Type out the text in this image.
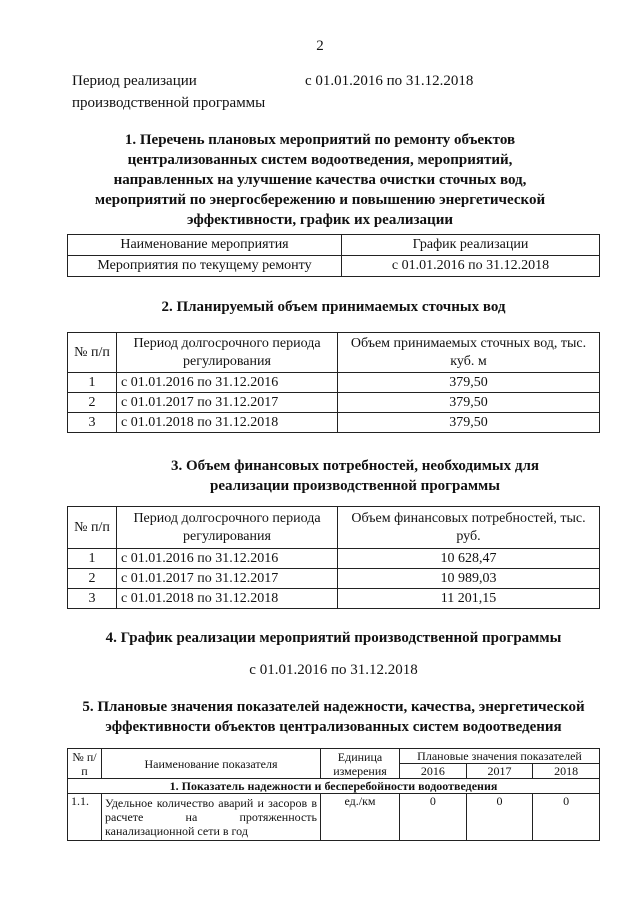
2
Период реализации производственной программы
с 01.01.2016 по 31.12.2018
1. Перечень плановых мероприятий по ремонту объектов централизованных систем водоотведения, мероприятий, направленных на улучшение качества очистки сточных вод, мероприятий по энергосбережению и повышению энергетической эффективности, график их реализации
Наименование мероприятия	График реализации
Мероприятия по текущему ремонту	с 01.01.2016 по 31.12.2018
2. Планируемый объем принимаемых сточных вод
№ п/п	Период долгосрочного периода регулирования	Объем принимаемых сточных вод, тыс. куб. м
1	с 01.01.2016 по 31.12.2016	379,50
2	с 01.01.2017 по 31.12.2017	379,50
3	с 01.01.2018 по 31.12.2018	379,50
3. Объем финансовых потребностей, необходимых для реализации производственной программы
№ п/п	Период долгосрочного периода регулирования	Объем финансовых потребностей, тыс. руб.
1	с 01.01.2016 по 31.12.2016	10 628,47
2	с 01.01.2017 по 31.12.2017	10 989,03
3	с 01.01.2018 по 31.12.2018	11 201,15
4. График реализации мероприятий производственной программы
с 01.01.2016 по 31.12.2018
5. Плановые значения показателей надежности, качества, энергетической эффективности объектов централизованных систем водоотведения
№ п/п	Наименование показателя	Единица измерения	Плановые значения показателей		
			2016	2017	2018
1. Показатель надежности и бесперебойности водоотведения					
1.1.	Удельное количество аварий и засоров в расчете на протяженность канализационной сети в год	ед./км	0	0	0
